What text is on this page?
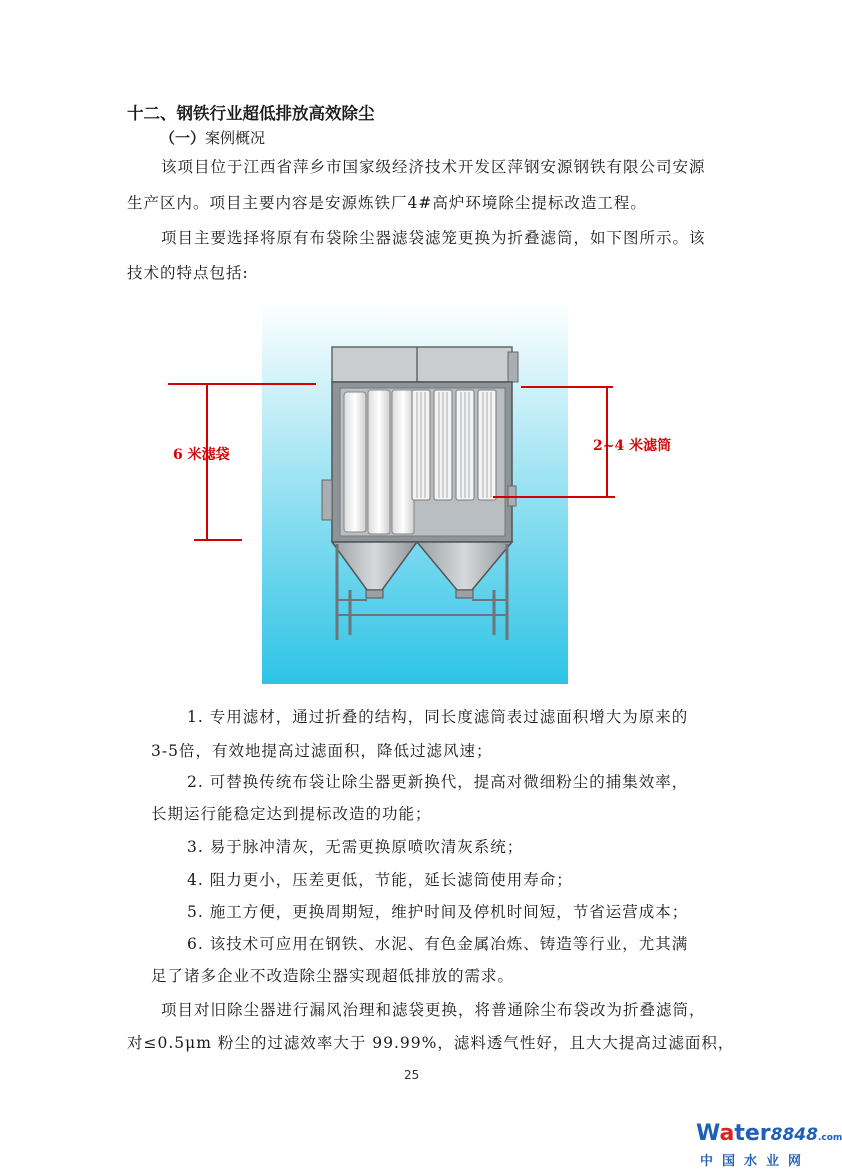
十二、钢铁行业超低排放高效除尘
（一）案例概况
该项目位于江西省萍乡市国家级经济技术开发区萍钢安源钢铁有限公司安源
生产区内。项目主要内容是安源炼铁厂4#高炉环境除尘提标改造工程。
项目主要选择将原有布袋除尘器滤袋滤笼更换为折叠滤筒，如下图所示。该
技术的特点包括:
6 米滤袋
2~4 米滤筒
1. 专用滤材，通过折叠的结构，同长度滤筒表过滤面积增大为原来的
3-5倍，有效地提高过滤面积，降低过滤风速；
2. 可替换传统布袋让除尘器更新换代，提高对微细粉尘的捕集效率，
长期运行能稳定达到提标改造的功能；
3. 易于脉冲清灰，无需更换原喷吹清灰系统；
4. 阻力更小，压差更低，节能，延长滤筒使用寿命；
5. 施工方便，更换周期短，维护时间及停机时间短，节省运营成本；
6. 该技术可应用在钢铁、水泥、有色金属冶炼、铸造等行业，尤其满
足了诸多企业不改造除尘器实现超低排放的需求。
项目对旧除尘器进行漏风治理和滤袋更换，将普通除尘布袋改为折叠滤筒，
对≤0.5μm 粉尘的过滤效率大于 99.99%，滤料透气性好，且大大提高过滤面积，
25
Water8848.com
中国水业网
